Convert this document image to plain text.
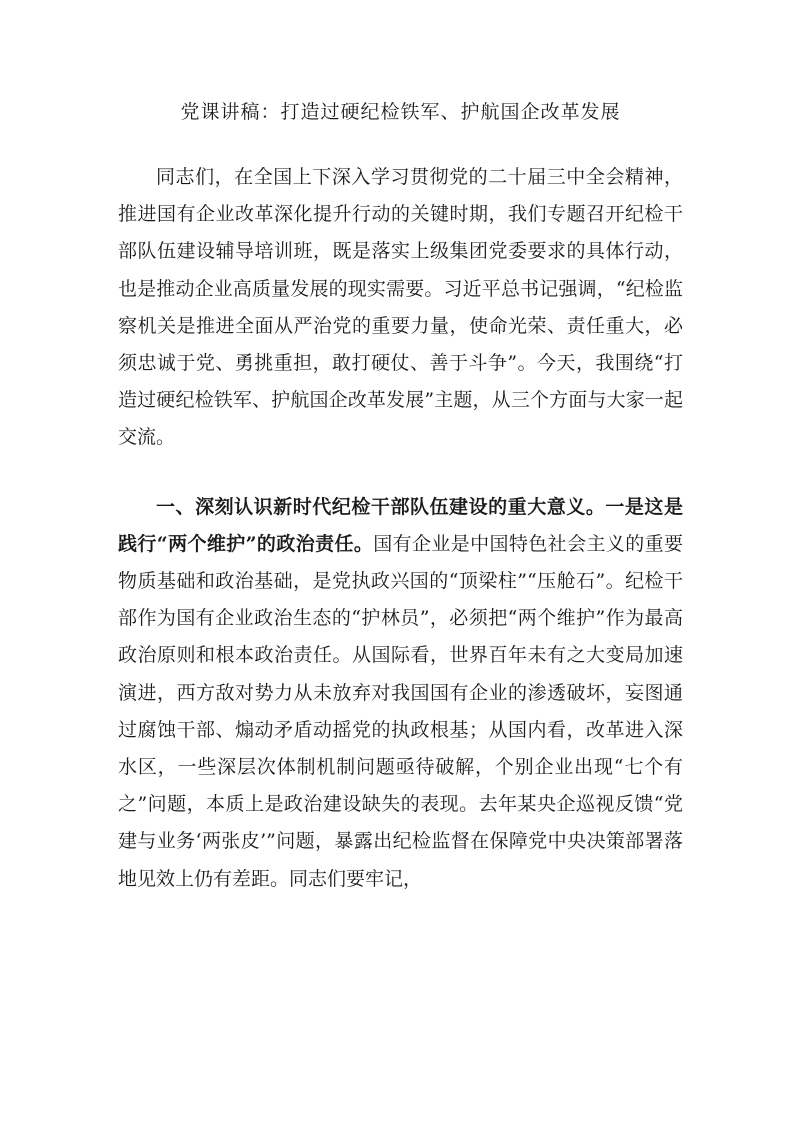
党课讲稿：打造过硬纪检铁军、护航国企改革发展

同志们，在全国上下深入学习贯彻党的二十届三中全会精神，推进国有企业改革深化提升行动的关键时期，我们专题召开纪检干部队伍建设辅导培训班，既是落实上级集团党委要求的具体行动，也是推动企业高质量发展的现实需要。习近平总书记强调，“纪检监察机关是推进全面从严治党的重要力量，使命光荣、责任重大，必须忠诚于党、勇挑重担，敢打硬仗、善于斗争”。今天，我围绕“打造过硬纪检铁军、护航国企改革发展”主题，从三个方面与大家一起交流。

一、深刻认识新时代纪检干部队伍建设的重大意义。一是这是践行“两个维护”的政治责任。国有企业是中国特色社会主义的重要物质基础和政治基础，是党执政兴国的“顶梁柱”“压舱石”。纪检干部作为国有企业政治生态的“护林员”，必须把“两个维护”作为最高政治原则和根本政治责任。从国际看，世界百年未有之大变局加速演进，西方敌对势力从未放弃对我国国有企业的渗透破坏，妄图通过腐蚀干部、煽动矛盾动摇党的执政根基；从国内看，改革进入深水区，一些深层次体制机制问题亟待破解，个别企业出现“七个有之”问题，本质上是政治建设缺失的表现。去年某央企巡视反馈“党建与业务‘两张皮’”问题，暴露出纪检监督在保障党中央决策部署落地见效上仍有差距。同志们要牢记，
